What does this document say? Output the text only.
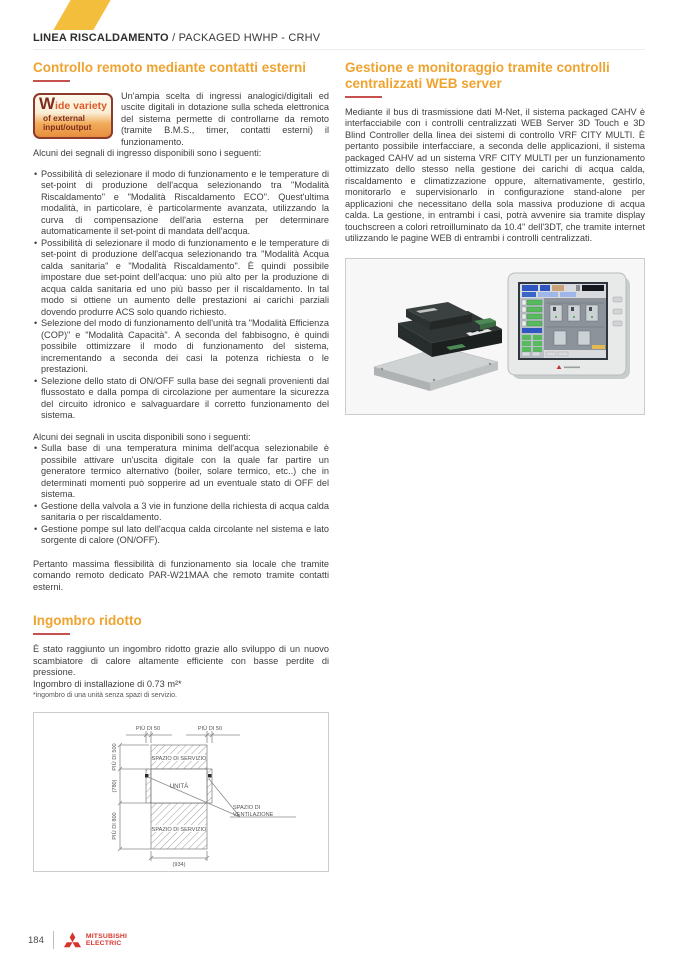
LINEA RISCALDAMENTO / PACKAGED HWHP - CRHV
Controllo remoto mediante contatti esterni
Wide variety
of external
input/output

Un'ampia scelta di ingressi analogici/digitali ed uscite digitali in dotazione sulla scheda elettronica del sistema permette di controllarne da remoto (tramite B.M.S., timer, contatti esterni) il funzionamento.

Alcuni dei segnali di ingresso disponibili sono i seguenti:

• Possibilità di selezionare il modo di funzionamento e le temperature di set-point di produzione dell'acqua selezionando tra "Modalità Riscaldamento" e "Modalità Riscaldamento ECO". Quest'ultima modalità, in particolare, è particolarmente avanzata, utilizzando la curva di compensazione dell'aria esterna per determinare automaticamente il set-point di mandata dell'acqua.
• Possibilità di selezionare il modo di funzionamento e le temperature di set-point di produzione dell'acqua selezionando tra "Modalità Acqua calda sanitaria" e "Modalità Riscaldamento". È quindi possibile impostare due set-point dell'acqua: uno più alto per la produzione di acqua calda sanitaria ed uno più basso per il riscaldamento. In tal modo si ottiene un aumento delle prestazioni ai carichi parziali dovendo produrre ACS solo quando richiesto.
• Selezione del modo di funzionamento dell'unità tra "Modalità Efficienza (COP)" e "Modalità Capacità". A seconda del fabbisogno, è quindi possibile ottimizzare il modo di funzionamento del sistema, incrementando a seconda dei casi la potenza richiesta o le prestazioni.
• Selezione dello stato di ON/OFF sulla base dei segnali provenienti dal flussostato e dalla pompa di circolazione per aumentare la sicurezza del circuito idronico e salvaguardare il corretto funzionamento del sistema.

Alcuni dei segnali in uscita disponibili sono i seguenti:

• Sulla base di una temperatura minima dell'acqua selezionabile è possibile attivare un'uscita digitale con la quale far partire un generatore termico alternativo (boiler, solare termico, etc..) che in determinati momenti può sopperire ad un eventuale stato di OFF del sistema.
• Gestione della valvola a 3 vie in funzione della richiesta di acqua calda sanitaria o per riscaldamento.
• Gestione pompe sul lato dell'acqua calda circolante nel sistema e lato sorgente di calore (ON/OFF).

Pertanto massima flessibilità di funzionamento sia locale che tramite comando remoto dedicato PAR-W21MAA che remoto tramite contatti esterni.

Ingombro ridotto

È stato raggiunto un ingombro ridotto grazie allo sviluppo di un nuovo scambiatore di calore altamente efficiente con basse perdite di pressione.

Ingombro di installazione di 0.73 m²*

*ingombro di una unità senza spazi di servizio.

PIÙ DI 50	PIÙ DI 50
PIÙ DI 500
(780)
PIÙ DI 800
(934)
SPAZIO DI SERVIZIO
SPAZIO DI SERVIZIO
UNITÀ
SPAZIO DI
VENTILAZIONE
Gestione e monitoraggio tramite controlli centralizzati WEB server

Mediante il bus di trasmissione dati M-Net, il sistema packaged CAHV è interfacciabile con i controlli centralizzati WEB Server 3D Touch e 3D Blind Controller della linea dei sistemi di controllo VRF CITY MULTI. È pertanto possibile interfacciare, a seconda delle applicazioni, il sistema packaged CAHV ad un sistema VRF CITY MULTI per un funzionamento ottimizzato dello stesso nella gestione dei carichi di acqua calda, riscaldamento e climatizzazione oppure, alternativamente, gestirlo, monitorarlo e supervisionarlo in configurazione stand-alone per applicazioni che necessitano della sola massiva produzione di acqua calda. La gestione, in entrambi i casi, potrà avvenire sia tramite display touchscreen a colori retroilluminato da 10.4" dell'3DT, che tramite internet utilizzando le pagine WEB di entrambi i controlli centralizzati.

184	MITSUBISHI
ELECTRIC
